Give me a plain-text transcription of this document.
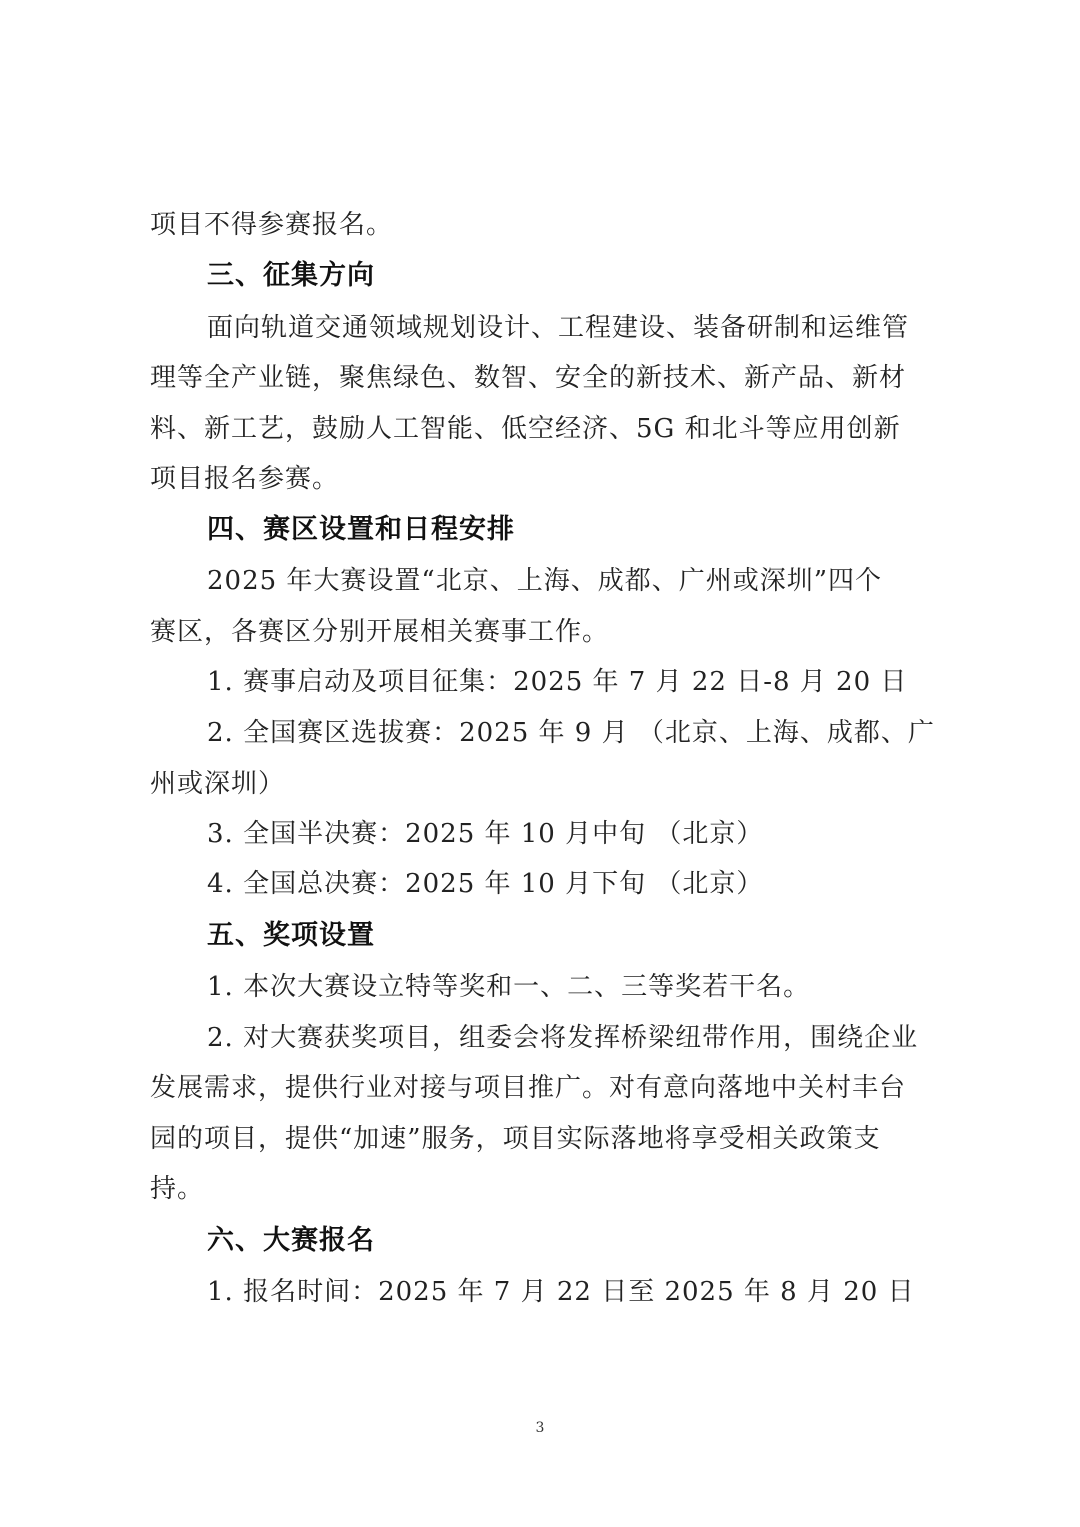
项目不得参赛报名。
三、征集方向
面向轨道交通领域规划设计、工程建设、装备研制和运维管
理等全产业链，聚焦绿色、数智、安全的新技术、新产品、新材
料、新工艺，鼓励人工智能、低空经济、5G 和北斗等应用创新
项目报名参赛。
四、赛区设置和日程安排
2025 年大赛设置“北京、上海、成都、广州或深圳”四个
赛区，各赛区分别开展相关赛事工作。
1. 赛事启动及项目征集：2025 年 7 月 22 日-8 月 20 日
2. 全国赛区选拔赛：2025 年 9 月 （北京、上海、成都、广
州或深圳）
3. 全国半决赛：2025 年 10 月中旬 （北京）
4. 全国总决赛：2025 年 10 月下旬 （北京）
五、奖项设置
1. 本次大赛设立特等奖和一、二、三等奖若干名。
2. 对大赛获奖项目，组委会将发挥桥梁纽带作用，围绕企业
发展需求，提供行业对接与项目推广。对有意向落地中关村丰台
园的项目，提供“加速”服务，项目实际落地将享受相关政策支
持。
六、大赛报名
1. 报名时间：2025 年 7 月 22 日至 2025 年 8 月 20 日
3
